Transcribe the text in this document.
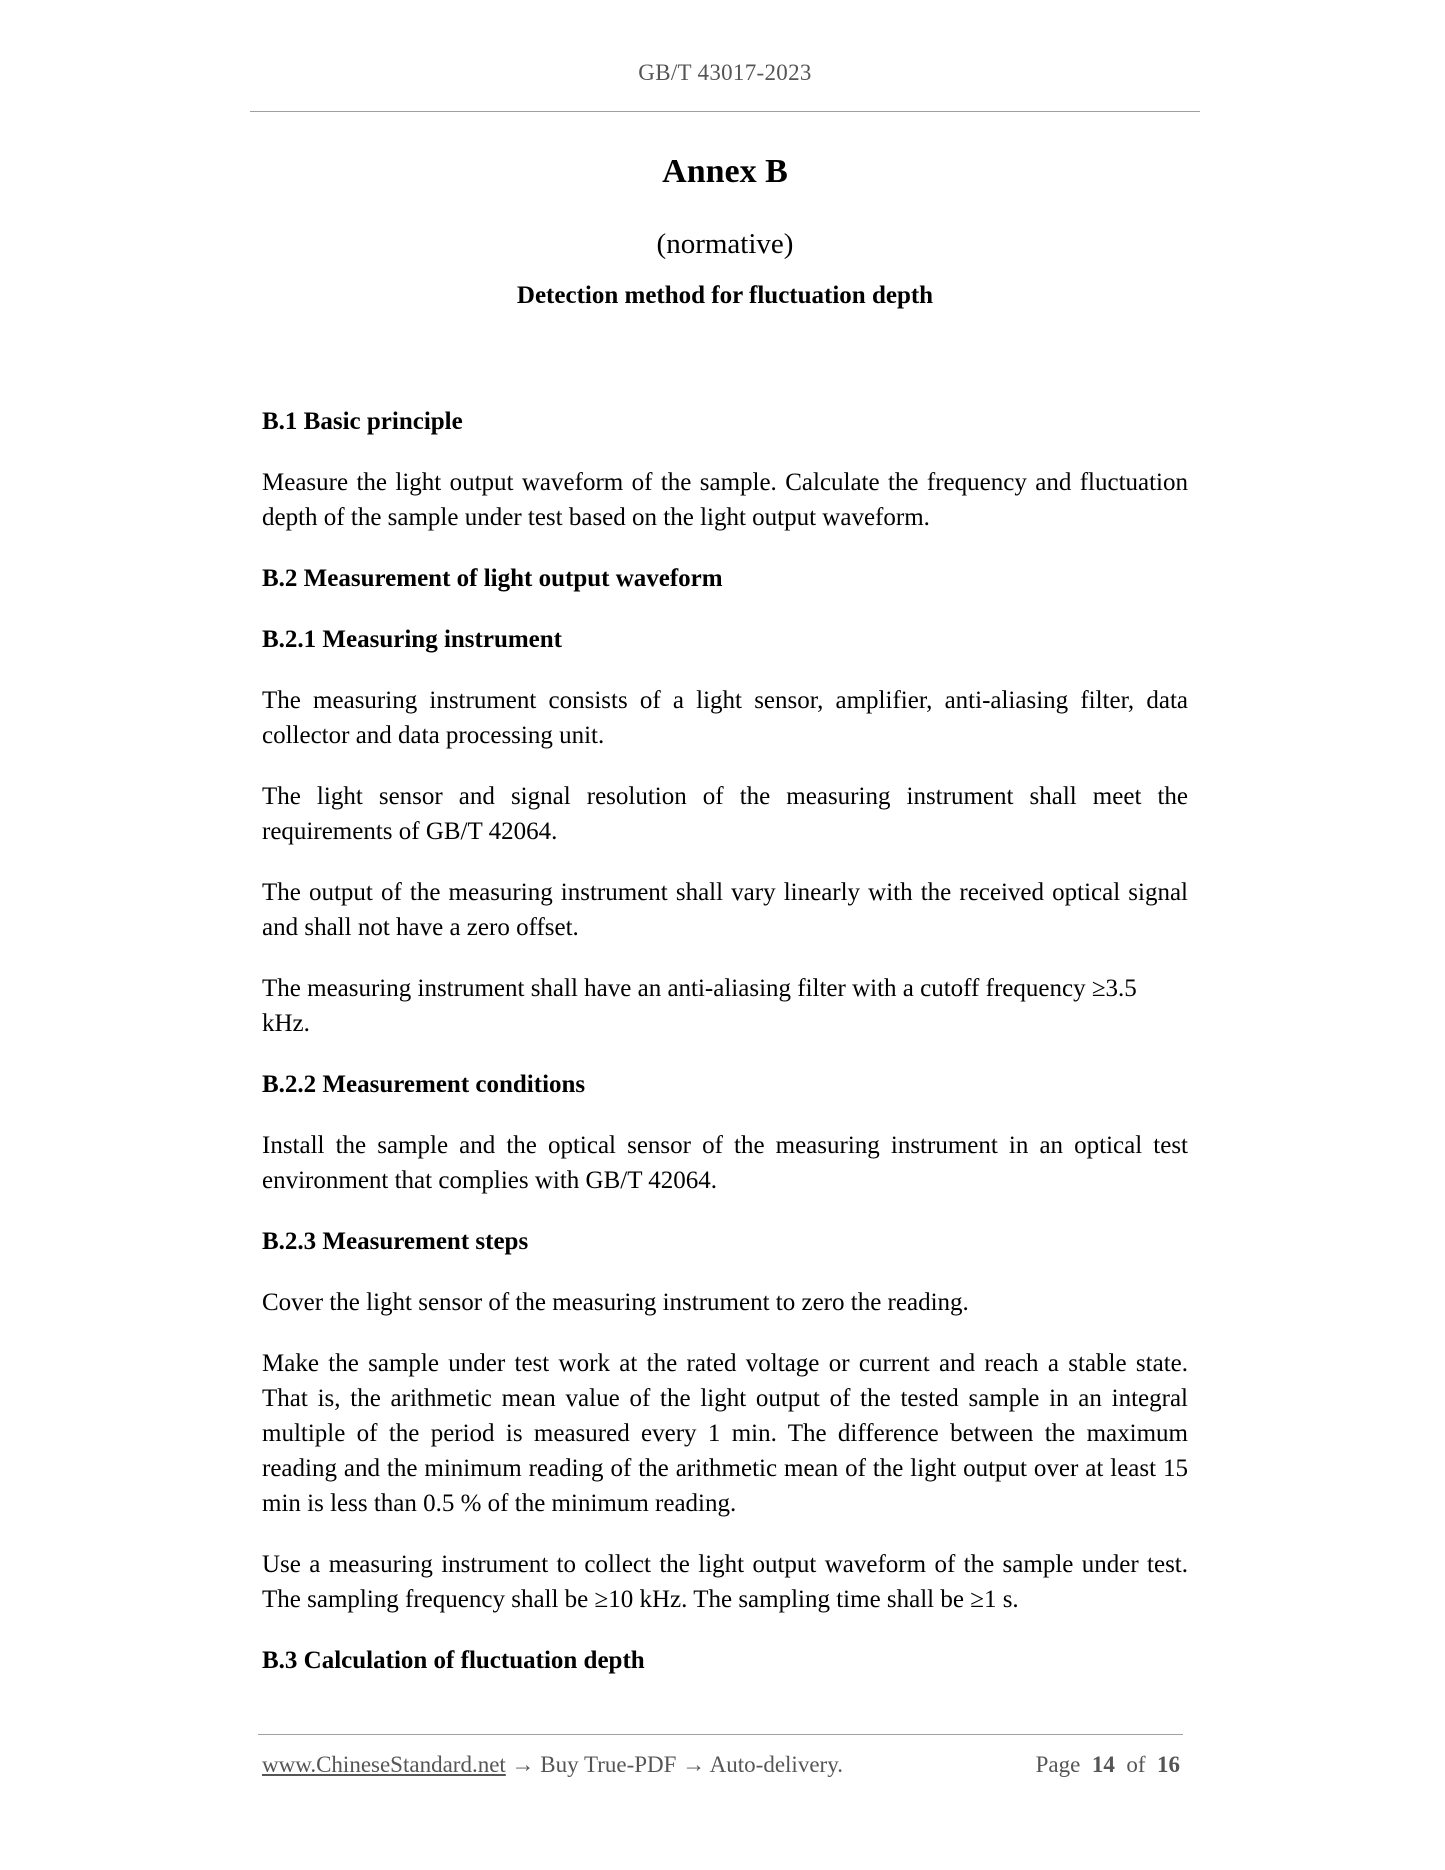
GB/T 43017-2023
Annex B
(normative)
Detection method for fluctuation depth
B.1 Basic principle

Measure the light output waveform of the sample. Calculate the frequency and fluctuation depth of the sample under test based on the light output waveform.

B.2 Measurement of light output waveform
B.2.1 Measuring instrument

The measuring instrument consists of a light sensor, amplifier, anti-aliasing filter, data collector and data processing unit.

The light sensor and signal resolution of the measuring instrument shall meet the requirements of GB/T 42064.

The output of the measuring instrument shall vary linearly with the received optical signal and shall not have a zero offset.

The measuring instrument shall have an anti-aliasing filter with a cutoff frequency ≥3.5 kHz.

B.2.2 Measurement conditions

Install the sample and the optical sensor of the measuring instrument in an optical test environment that complies with GB/T 42064.

B.2.3 Measurement steps

Cover the light sensor of the measuring instrument to zero the reading.

Make the sample under test work at the rated voltage or current and reach a stable state. That is, the arithmetic mean value of the light output of the tested sample in an integral multiple of the period is measured every 1 min. The difference between the maximum reading and the minimum reading of the arithmetic mean of the light output over at least 15 min is less than 0.5 % of the minimum reading.

Use a measuring instrument to collect the light output waveform of the sample under test. The sampling frequency shall be ≥10 kHz. The sampling time shall be ≥1 s.

B.3 Calculation of fluctuation depth
www.ChineseStandard.net → Buy True-PDF → Auto-delivery.	Page 14 of 16
